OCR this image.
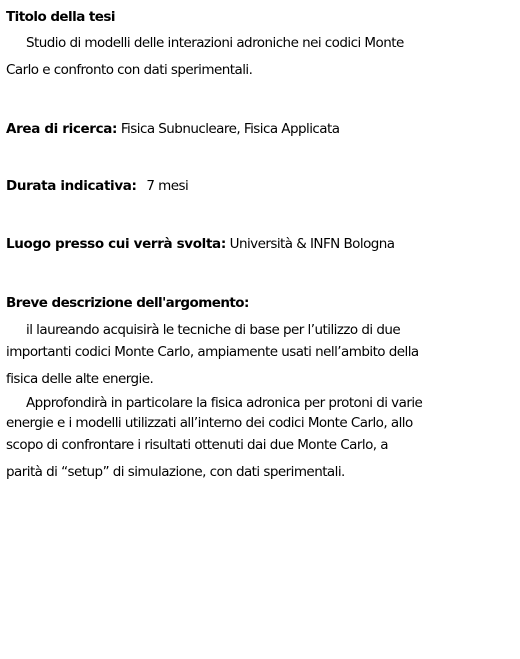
Titolo della tesi
Studio di modelli delle interazioni adroniche nei codici Monte
Carlo e confronto con dati sperimentali.
Area di ricerca: Fisica Subnucleare, Fisica Applicata
Durata indicativa: 7 mesi
Luogo presso cui verrà svolta: Università & INFN Bologna
Breve descrizione dell'argomento:
il laureando acquisirà le tecniche di base per l’utilizzo di due
importanti codici Monte Carlo, ampiamente usati nell’ambito della
fisica delle alte energie.
Approfondirà in particolare la fisica adronica per protoni di varie
energie e i modelli utilizzati all’interno dei codici Monte Carlo, allo
scopo di confrontare i risultati ottenuti dai due Monte Carlo, a
parità di “setup” di simulazione, con dati sperimentali.
